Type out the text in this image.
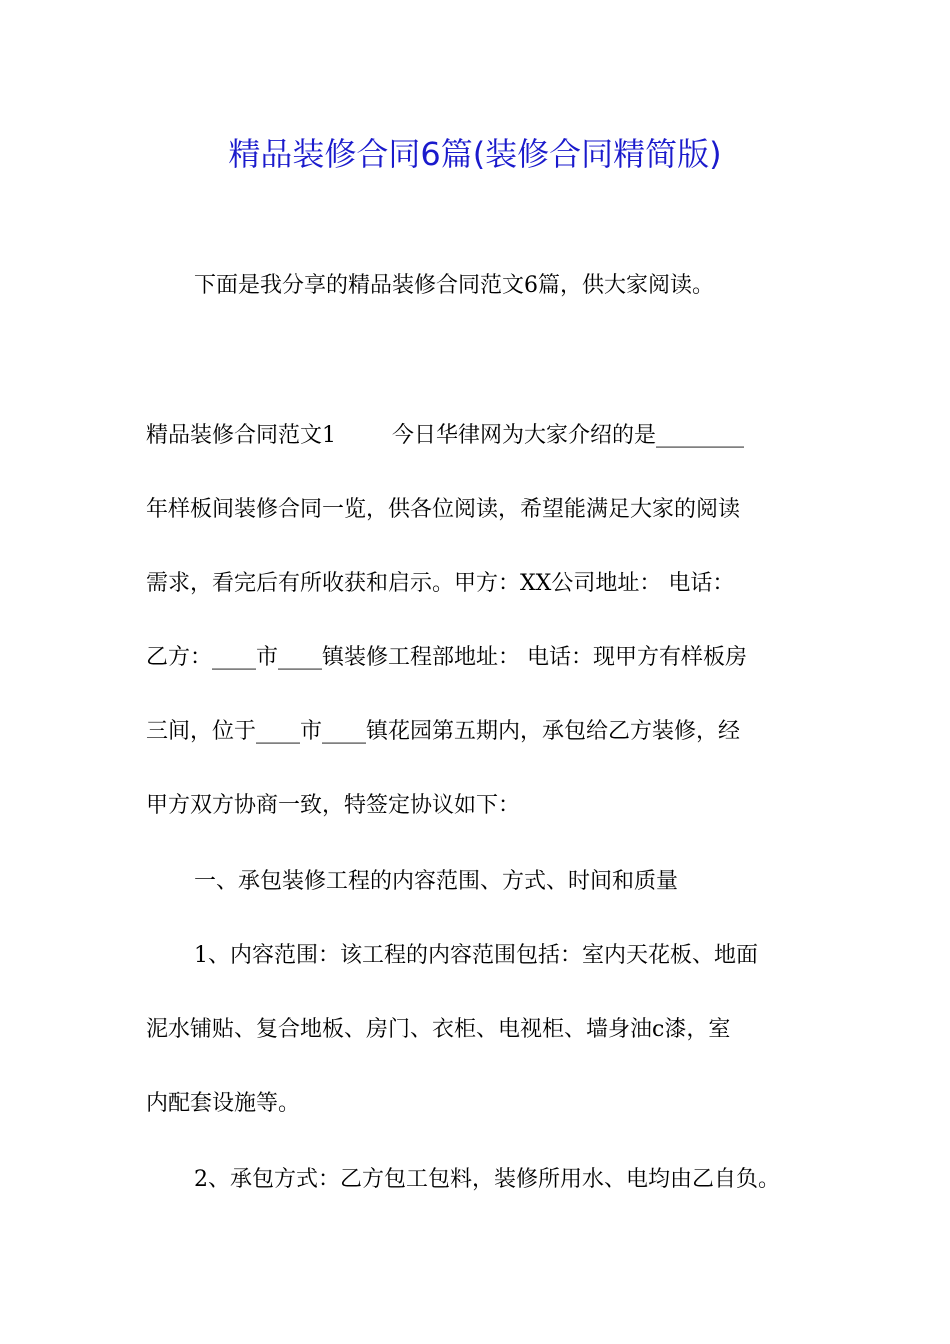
精品装修合同6篇(装修合同精简版)
下面是我分享的精品装修合同范文6篇，供大家阅读。
精品装修合同范文1	今日华律网为大家介绍的是________
年样板间装修合同一览，供各位阅读，希望能满足大家的阅读
需求，看完后有所收获和启示。甲方：XX公司地址： 电话：
乙方：____市____镇装修工程部地址： 电话：现甲方有样板房
三间，位于____市____镇花园第五期内，承包给乙方装修，经
甲方双方协商一致，特签定协议如下：
一、承包装修工程的内容范围、方式、时间和质量
1、内容范围：该工程的内容范围包括：室内天花板、地面
泥水铺贴、复合地板、房门、衣柜、电视柜、墙身油c漆，室
内配套设施等。
2、承包方式：乙方包工包料，装修所用水、电均由乙自负。
